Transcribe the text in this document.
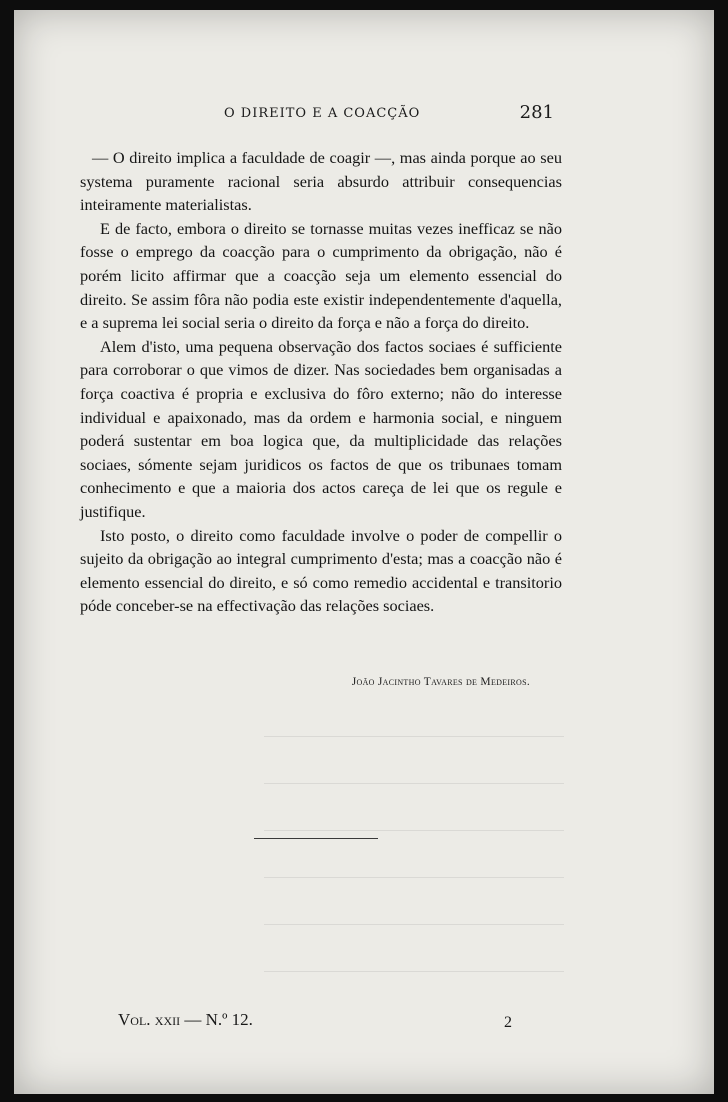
O DIREITO E A COACÇÃO	281

— O direito implica a faculdade de coagir —, mas ainda porque ao seu systema puramente racional seria absurdo attribuir consequencias inteiramente materialistas.

E de facto, embora o direito se tornasse muitas vezes inefficaz se não fosse o emprego da coacção para o cumprimento da obrigação, não é porém licito affirmar que a coacção seja um elemento essencial do direito. Se assim fôra não podia este existir independentemente d'aquella, e a suprema lei social seria o direito da força e não a força do direito.

Alem d'isto, uma pequena observação dos factos sociaes é sufficiente para corroborar o que vimos de dizer. Nas sociedades bem organisadas a força coactiva é propria e exclusiva do fôro externo; não do interesse individual e apaixonado, mas da ordem e harmonia social, e ninguem poderá sustentar em boa logica que, da multiplicidade das relações sociaes, sómente sejam juridicos os factos de que os tribunaes tomam conhecimento e que a maioria dos actos careça de lei que os regule e justifique.

Isto posto, o direito como faculdade involve o poder de compellir o sujeito da obrigação ao integral cumprimento d'esta; mas a coacção não é elemento essencial do direito, e só como remedio accidental e transitorio póde conceber-se na effectivação das relações sociaes.

João Jacintho Tavares de Medeiros.
Vol. xxii — N.º 12.	2
